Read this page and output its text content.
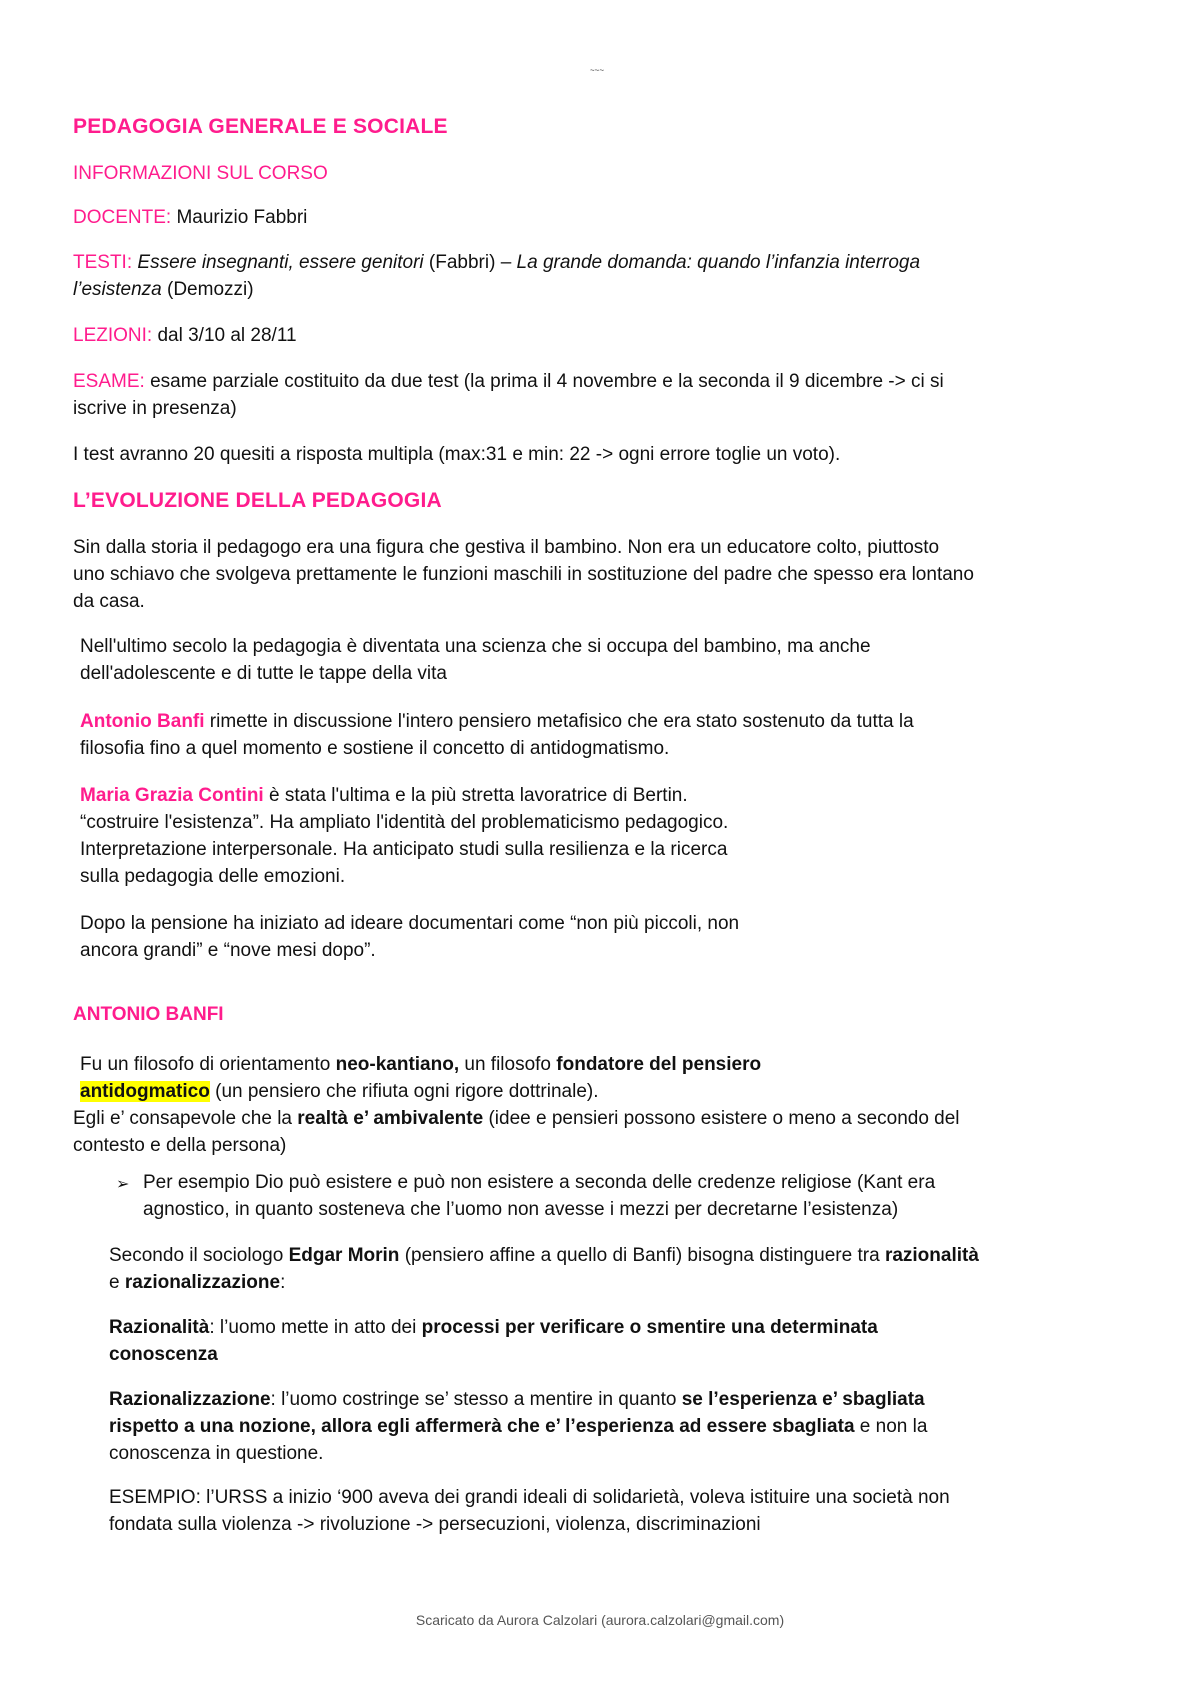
~~~
PEDAGOGIA GENERALE E SOCIALE
INFORMAZIONI SUL CORSO
DOCENTE: Maurizio Fabbri
TESTI: Essere insegnanti, essere genitori (Fabbri) – La grande domanda: quando l’infanzia interroga
l’esistenza (Demozzi)
LEZIONI: dal 3/10 al 28/11
ESAME: esame parziale costituito da due test (la prima il 4 novembre e la seconda il 9 dicembre -> ci si
iscrive in presenza)
I test avranno 20 quesiti a risposta multipla (max:31 e min: 22 -> ogni errore toglie un voto).
L’EVOLUZIONE DELLA PEDAGOGIA
Sin dalla storia il pedagogo era una figura che gestiva il bambino. Non era un educatore colto, piuttosto
uno schiavo che svolgeva prettamente le funzioni maschili in sostituzione del padre che spesso era lontano
da casa.
Nell'ultimo secolo la pedagogia è diventata una scienza che si occupa del bambino, ma anche
dell'adolescente e di tutte le tappe della vita
Antonio Banfi rimette in discussione l'intero pensiero metafisico che era stato sostenuto da tutta la
filosofia fino a quel momento e sostiene il concetto di antidogmatismo.
Maria Grazia Contini è stata l'ultima e la più stretta lavoratrice di Bertin.
“costruire l'esistenza”. Ha ampliato l'identità del problematicismo pedagogico.
Interpretazione interpersonale. Ha anticipato studi sulla resilienza e la ricerca
sulla pedagogia delle emozioni.
Dopo la pensione ha iniziato ad ideare documentari come “non più piccoli, non
ancora grandi” e “nove mesi dopo”.
ANTONIO BANFI
Fu un filosofo di orientamento neo-kantiano, un filosofo fondatore del pensiero
antidogmatico (un pensiero che rifiuta ogni rigore dottrinale).
Egli e’ consapevole che la realtà e’ ambivalente (idee e pensieri possono esistere o meno a secondo del
contesto e della persona)
➢ Per esempio Dio può esistere e può non esistere a seconda delle credenze religiose (Kant era
agnostico, in quanto sosteneva che l’uomo non avesse i mezzi per decretarne l’esistenza)
Secondo il sociologo Edgar Morin (pensiero affine a quello di Banfi) bisogna distinguere tra razionalità
e razionalizzazione:
Razionalità: l’uomo mette in atto dei processi per verificare o smentire una determinata
conoscenza
Razionalizzazione: l’uomo costringe se’ stesso a mentire in quanto se l’esperienza e’ sbagliata
rispetto a una nozione, allora egli affermerà che e’ l’esperienza ad essere sbagliata e non la
conoscenza in questione.
ESEMPIO: l’URSS a inizio ‘900 aveva dei grandi ideali di solidarietà, voleva istituire una società non
fondata sulla violenza -> rivoluzione -> persecuzioni, violenza, discriminazioni
Scaricato da Aurora Calzolari (aurora.calzolari@gmail.com)
